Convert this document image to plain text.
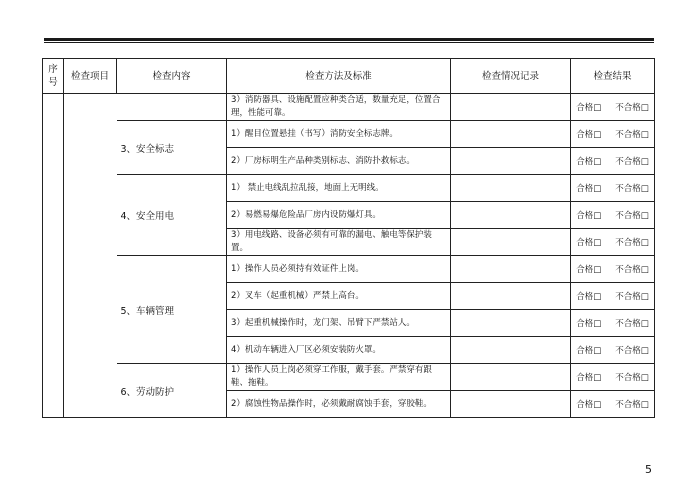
序号	检查项目	检查内容	检查方法及标准	检查情况记录	检查结果
			3）消防器具、设施配置应种类合适，数量充足，位置合理，性能可靠。		合格□ 不合格□
		3、安全标志	1）醒目位置悬挂（书写）消防安全标志牌。		合格□ 不合格□
			2）厂房标明生产品种类别标志、消防扑救标志。		合格□ 不合格□
		4、安全用电	1） 禁止电线乱拉乱接，地面上无明线。		合格□ 不合格□
			2）易燃易爆危险品厂房内设防爆灯具。		合格□ 不合格□
			3）用电线路、设备必须有可靠的漏电、触电等保护装置。		合格□ 不合格□
		5、车辆管理	1）操作人员必须持有效证件上岗。		合格□ 不合格□
			2）叉车（起重机械）严禁上高台。		合格□ 不合格□
			3）起重机械操作时，龙门架、吊臂下严禁站人。		合格□ 不合格□
			4）机动车辆进入厂区必须安装防火罩。		合格□ 不合格□
		6、劳动防护	1）操作人员上岗必须穿工作服，戴手套。严禁穿有跟鞋、拖鞋。		合格□ 不合格□
			2）腐蚀性物品操作时，必须戴耐腐蚀手套，穿胶鞋。		合格□ 不合格□
5
